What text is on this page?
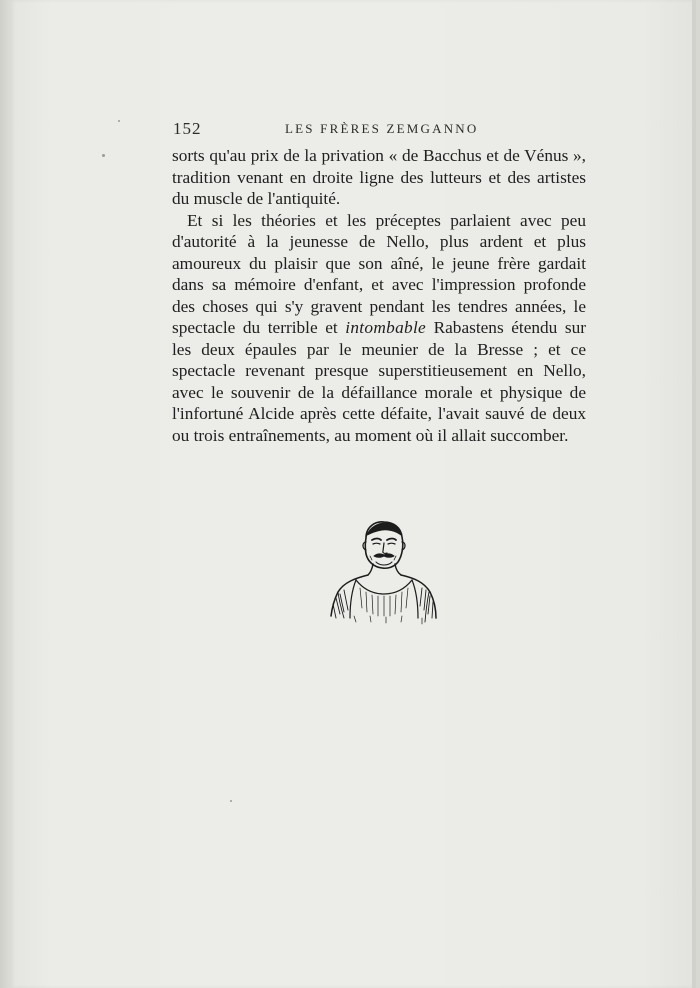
152	LES FRÈRES ZEMGANNO

sorts qu'au prix de la privation « de Bacchus et de Vénus », tradition venant en droite ligne des lutteurs et des artistes du muscle de l'antiquité.

Et si les théories et les préceptes parlaient avec peu d'autorité à la jeunesse de Nello, plus ardent et plus amoureux du plaisir que son aîné, le jeune frère gardait dans sa mémoire d'enfant, et avec l'impression profonde des choses qui s'y gravent pendant les tendres années, le spectacle du terrible et intombable Rabastens étendu sur les deux épaules par le meunier de la Bresse ; et ce spectacle revenant presque superstitieusement en Nello, avec le souvenir de la défaillance morale et physique de l'infortuné Alcide après cette défaite, l'avait sauvé de deux ou trois entraînements, au moment où il allait succomber.
